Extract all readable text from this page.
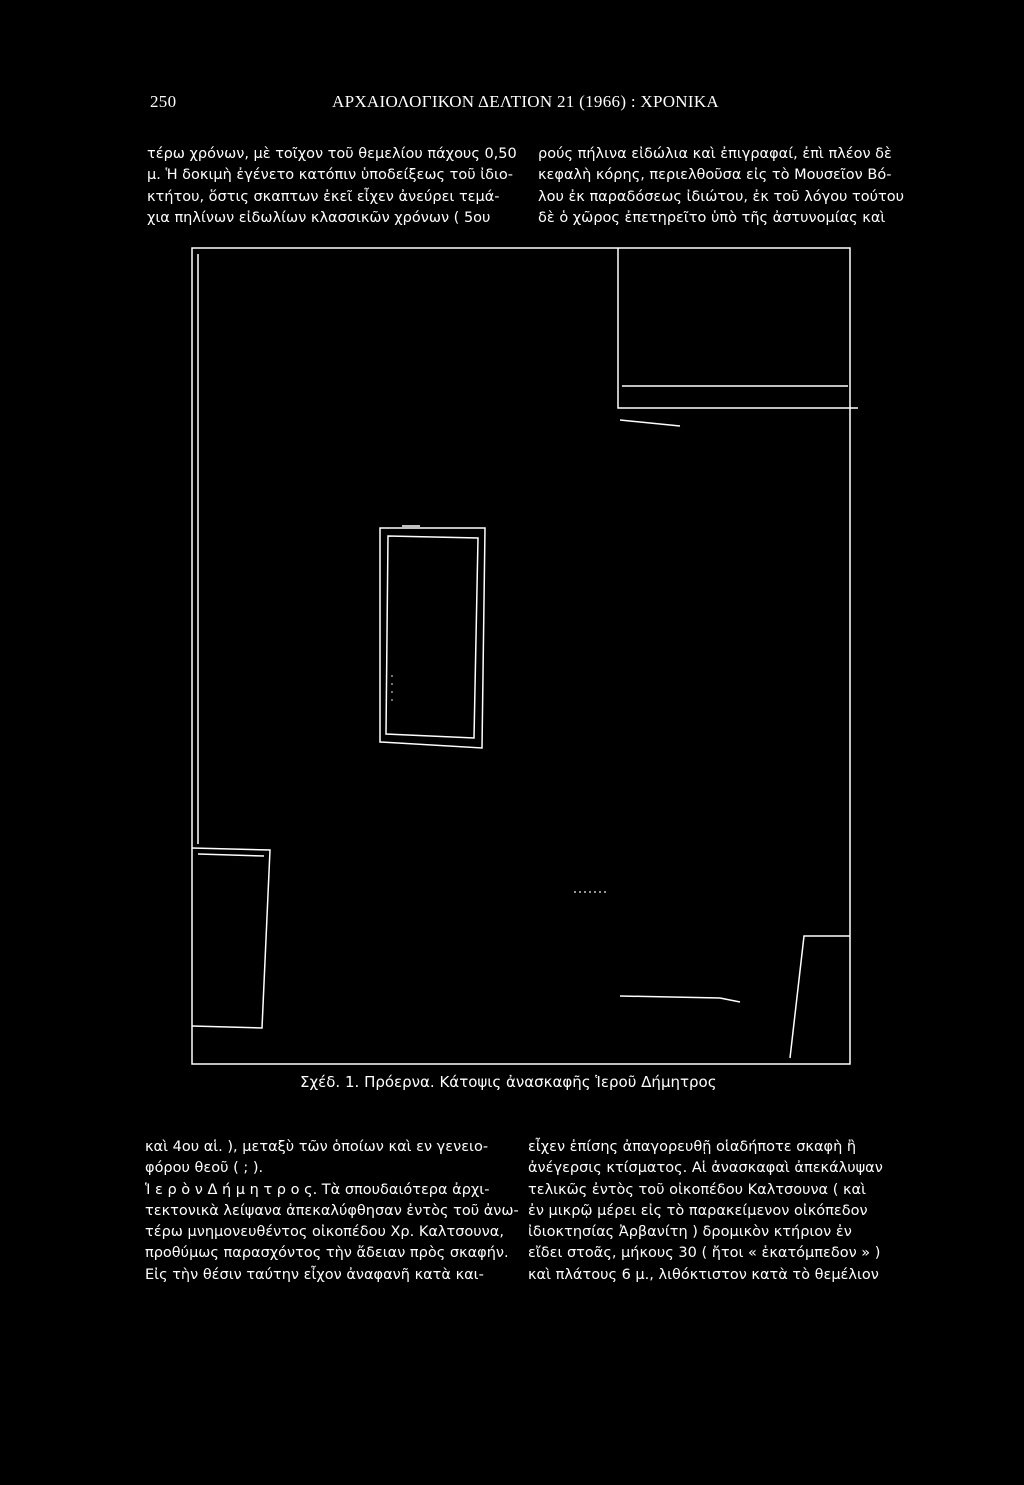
250	ΑΡΧΑΙΟΛΟΓΙΚΟΝ ΔΕΛΤΙΟΝ 21 (1966) : ΧΡΟΝΙΚΑ
τέρω χρόνων, μὲ τοῖχον τοῦ θεμελίου πάχους 0,50
μ. Ἡ δοκιμὴ ἐγένετο κατόπιν ὑποδείξεως τοῦ ἰδιο-
κτήτου, ὅστις σκαπτων ἐκεῖ εἶχεν ἀνεύρει τεμά-
χια πηλίνων εἰδωλίων κλασσικῶν χρόνων ( 5ου
ρούς πήλινα εἰδώλια καὶ ἐπιγραφαί, ἐπὶ πλέον δὲ
κεφαλὴ κόρης, περιελθοῦσα εἰς τὸ Μουσεῖον Βό-
λου ἐκ παραδόσεως ἰδιώτου, ἐκ τοῦ λόγου τούτου
δὲ ὁ χῶρος ἐπετηρεῖτο ὑπὸ τῆς ἀστυνομίας καὶ
Σχέδ. 1. Πρόερνα. Κάτοψις ἀνασκαφῆς Ἱεροῦ Δήμητρος
καὶ 4ου αἱ. ), μεταξὺ τῶν ὁποίων καὶ εν γενειο-
φόρου θεοῦ ( ; ).
Ἱ ε ρ ὸ ν Δ ή μ η τ ρ ο ς. Τὰ σπουδαιότερα ἀρχι-
τεκτονικὰ λείψανα ἀπεκαλύφθησαν ἐντὸς τοῦ ἀνω-
τέρω μνημονευθέντος οἰκοπέδου Χρ. Καλτσουνα,
προθύμως παρασχόντος τὴν ἄδειαν πρὸς σκαφήν.
Εἰς τὴν θέσιν ταύτην εἶχον ἀναφανῆ κατὰ και-
εἶχεν ἐπίσης ἀπαγορευθῇ οἱαδήποτε σκαφὴ ἢ
ἀνέγερσις κτίσματος. Αἱ ἀνασκαφαὶ ἀπεκάλυψαν
τελικῶς ἐντὸς τοῦ οἰκοπέδου Καλτσουνα ( καὶ
ἐν μικρῷ μέρει εἰς τὸ παρακείμενον οἰκόπεδον
ἰδιοκτησίας Ἀρβανίτη ) δρομικὸν κτήριον ἐν
εἴδει στοᾶς, μήκους 30 ( ἤτοι « ἑκατόμπεδον » )
καὶ πλάτους 6 μ., λιθόκτιστον κατὰ τὸ θεμέλιον
